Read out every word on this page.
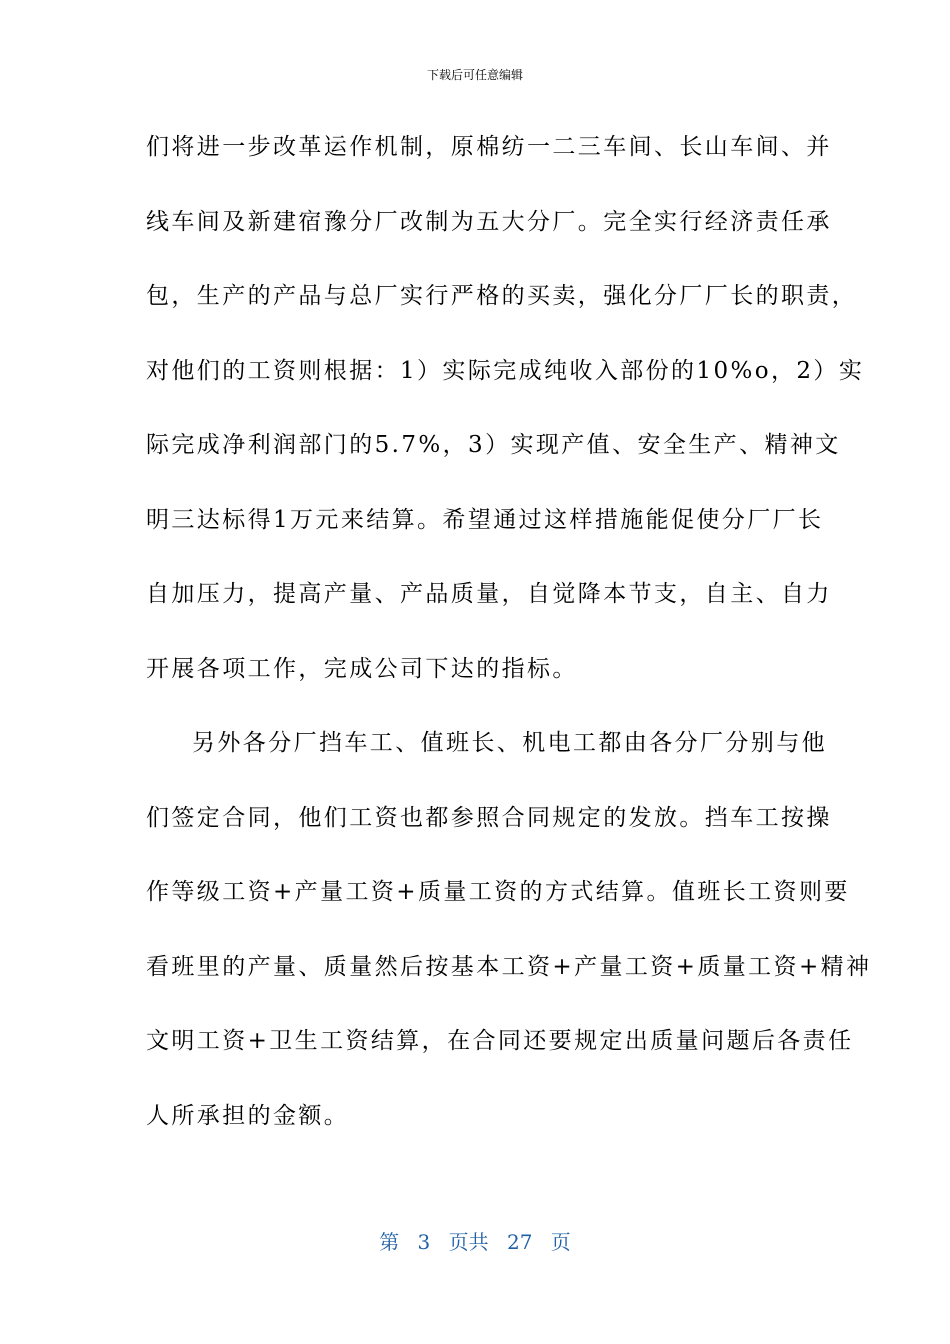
下载后可任意编辑
们将进一步改革运作机制，原棉纺一二三车间、长山车间、并
线车间及新建宿豫分厂改制为五大分厂。完全实行经济责任承
包，生产的产品与总厂实行严格的买卖，强化分厂厂长的职责，
对他们的工资则根据：1）实际完成纯收入部份的10%o，2）实
际完成净利润部门的5.7%，3）实现产值、安全生产、精神文
明三达标得1万元来结算。希望通过这样措施能促使分厂厂长
自加压力，提高产量、产品质量，自觉降本节支，自主、自力
开展各项工作，完成公司下达的指标。
另外各分厂挡车工、值班长、机电工都由各分厂分别与他
们签定合同，他们工资也都参照合同规定的发放。挡车工按操
作等级工资+产量工资+质量工资的方式结算。值班长工资则要
看班里的产量、质量然后按基本工资+产量工资+质量工资+精神
文明工资+卫生工资结算，在合同还要规定出质量问题后各责任
人所承担的金额。
第 3 页共 27 页
